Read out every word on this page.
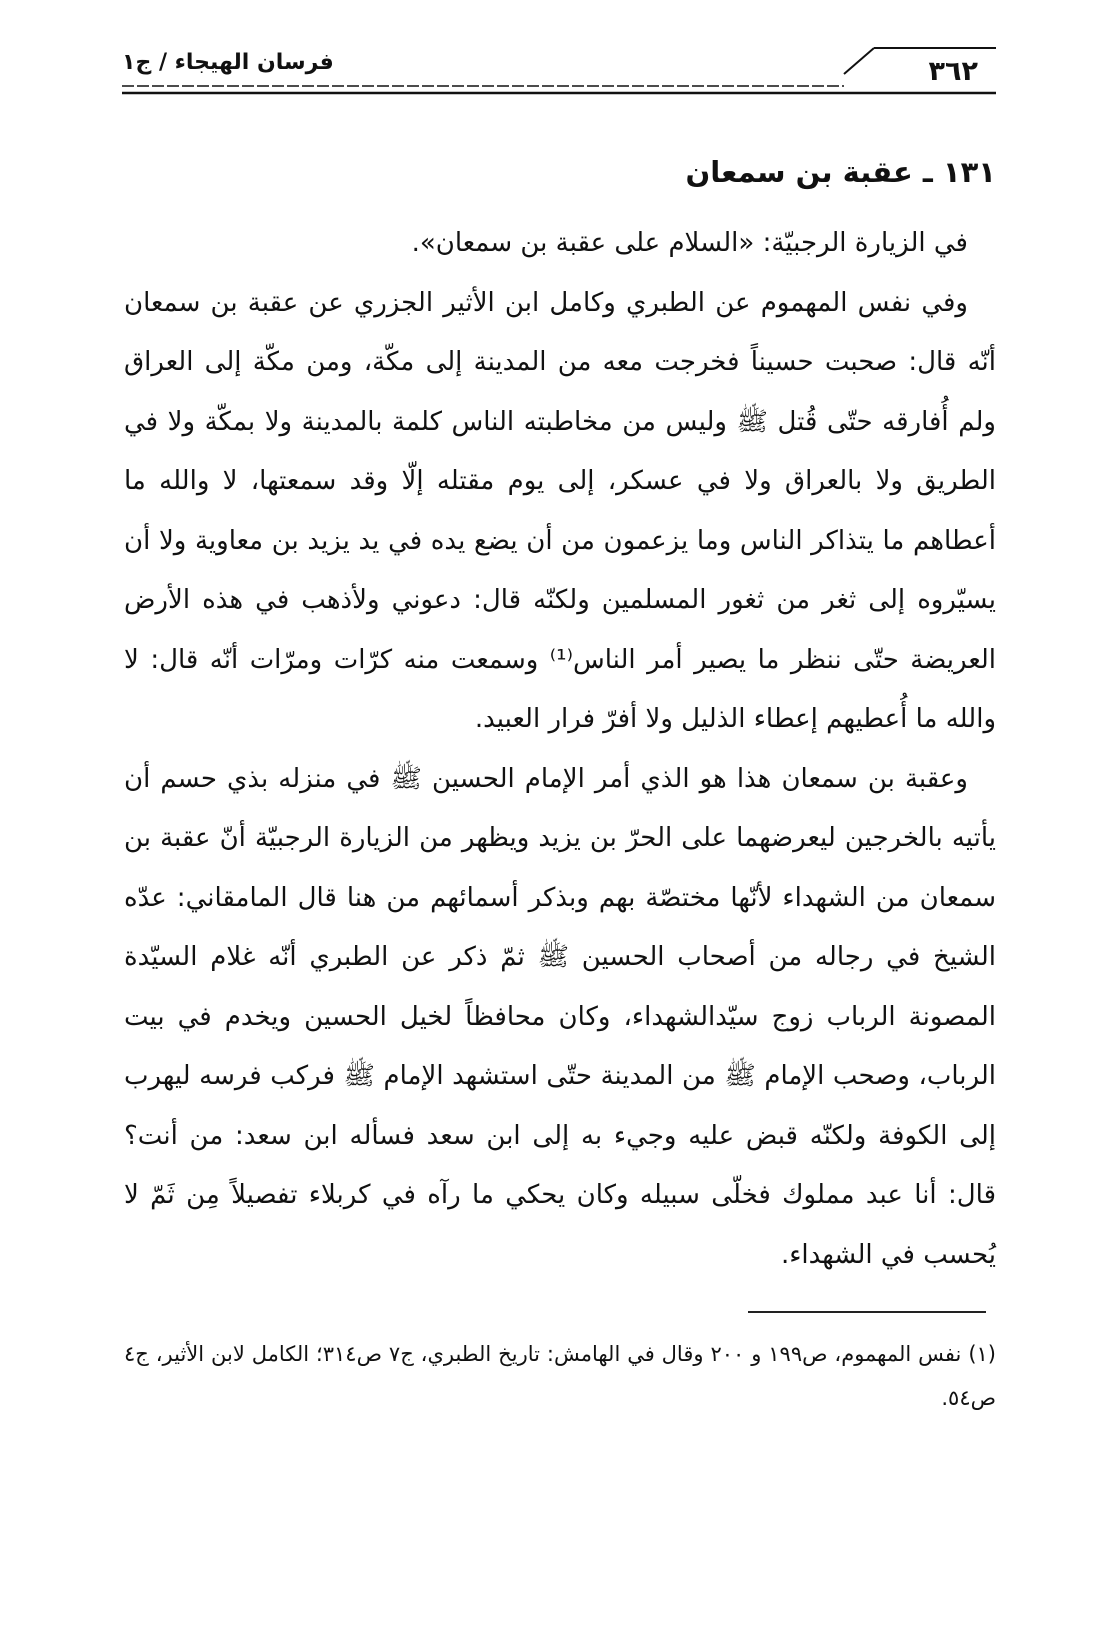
فرسان الهيجاء / ج١	٣٦٢
١٣١ ـ عقبة بن سمعان

في الزيارة الرجبيّة: «السلام على عقبة بن سمعان».

وفي نفس المهموم عن الطبري وكامل ابن الأثير الجزري عن عقبة بن سمعان أنّه قال: صحبت حسيناً فخرجت معه من المدينة إلى مكّة، ومن مكّة إلى العراق ولم أُفارقه حتّى قُتل ﷺ وليس من مخاطبته الناس كلمة بالمدينة ولا بمكّة ولا في الطريق ولا بالعراق ولا في عسكر، إلى يوم مقتله إلّا وقد سمعتها، لا والله ما أعطاهم ما يتذاكر الناس وما يزعمون من أن يضع يده في يد يزيد بن معاوية ولا أن يسيّروه إلى ثغر من ثغور المسلمين ولكنّه قال: دعوني ولأذهب في هذه الأرض العريضة حتّى ننظر ما يصير أمر الناس⁽¹⁾ وسمعت منه كرّات ومرّات أنّه قال: لا والله ما أُعطيهم إعطاء الذليل ولا أفرّ فرار العبيد.

وعقبة بن سمعان هذا هو الذي أمر الإمام الحسين ﷺ في منزله بذي حسم أن يأتيه بالخرجين ليعرضهما على الحرّ بن يزيد ويظهر من الزيارة الرجبيّة أنّ عقبة بن سمعان من الشهداء لأنّها مختصّة بهم وبذكر أسمائهم من هنا قال المامقاني: عدّه الشيخ في رجاله من أصحاب الحسين ﷺ ثمّ ذكر عن الطبري أنّه غلام السيّدة المصونة الرباب زوج سيّدالشهداء، وكان محافظاً لخيل الحسين ويخدم في بيت الرباب، وصحب الإمام ﷺ من المدينة حتّى استشهد الإمام ﷺ فركب فرسه ليهرب إلى الكوفة ولكنّه قبض عليه وجيء به إلى ابن سعد فسأله ابن سعد: من أنت؟ قال: أنا عبد مملوك فخلّى سبيله وكان يحكي ما رآه في كربلاء تفصيلاً مِن ثَمّ لا يُحسب في الشهداء.

(١) نفس المهموم، ص١٩٩ و ٢٠٠ وقال في الهامش: تاريخ الطبري، ج٧ ص٣١٤؛ الكامل لابن الأثير، ج٤ ص٥٤.
